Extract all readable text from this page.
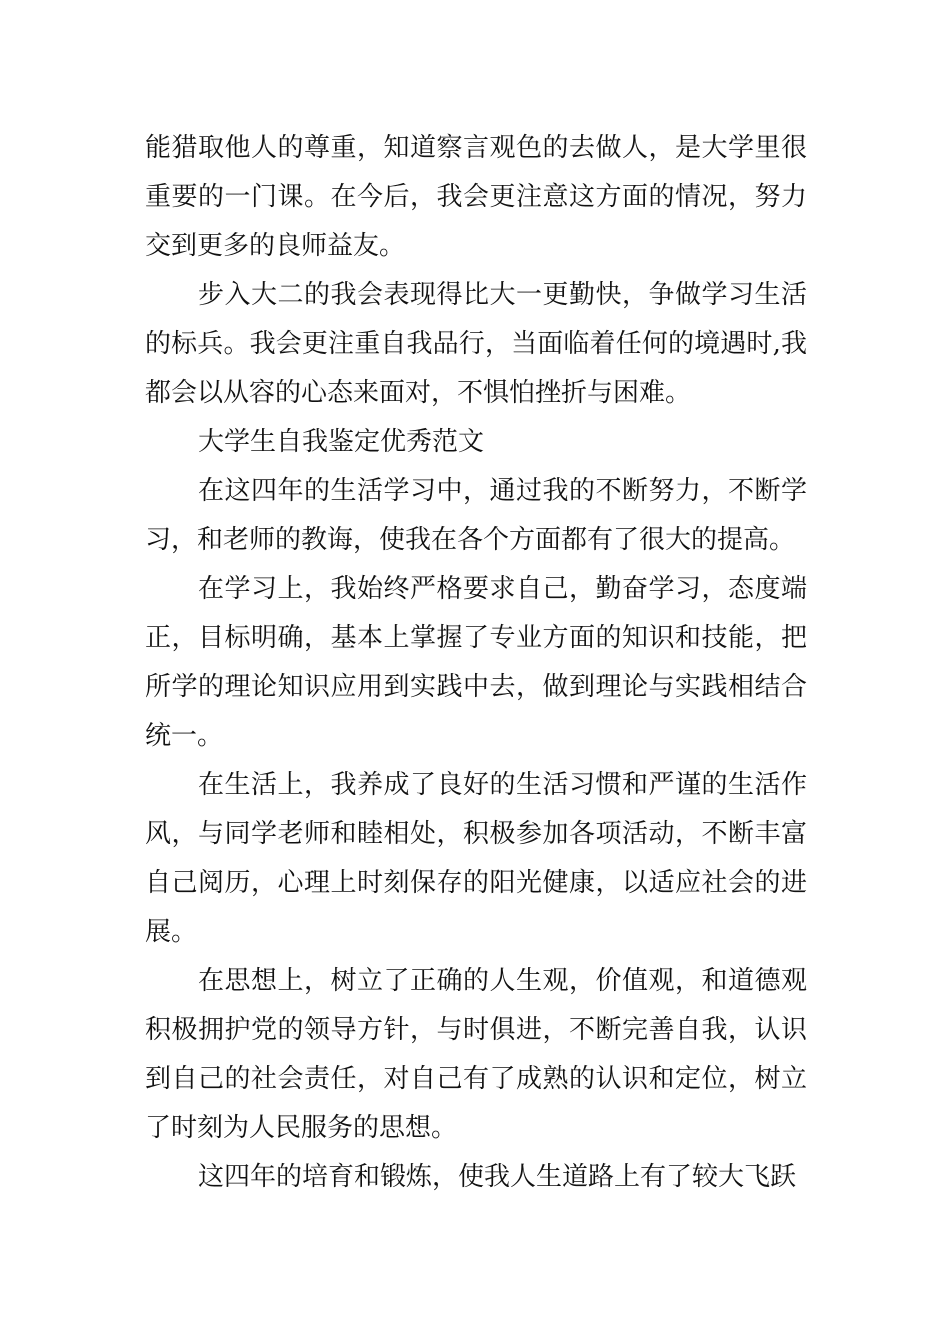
能猎取他人的尊重，知道察言观色的去做人，是大学里很
重要的一门课。在今后，我会更注意这方面的情况，努力
交到更多的良师益友。
步入大二的我会表现得比大一更勤快，争做学习生活
的标兵。我会更注重自我品行，当面临着任何的境遇时,我
都会以从容的心态来面对，不惧怕挫折与困难。
大学生自我鉴定优秀范文
在这四年的生活学习中，通过我的不断努力，不断学
习，和老师的教诲，使我在各个方面都有了很大的提高。
在学习上，我始终严格要求自己，勤奋学习，态度端
正，目标明确，基本上掌握了专业方面的知识和技能，把
所学的理论知识应用到实践中去，做到理论与实践相结合
统一。
在生活上，我养成了良好的生活习惯和严谨的生活作
风，与同学老师和睦相处，积极参加各项活动，不断丰富
自己阅历，心理上时刻保存的阳光健康，以适应社会的进
展。
在思想上，树立了正确的人生观，价值观，和道德观
积极拥护党的领导方针，与时俱进，不断完善自我，认识
到自己的社会责任，对自己有了成熟的认识和定位，树立
了时刻为人民服务的思想。
这四年的培育和锻炼，使我人生道路上有了较大飞跃
